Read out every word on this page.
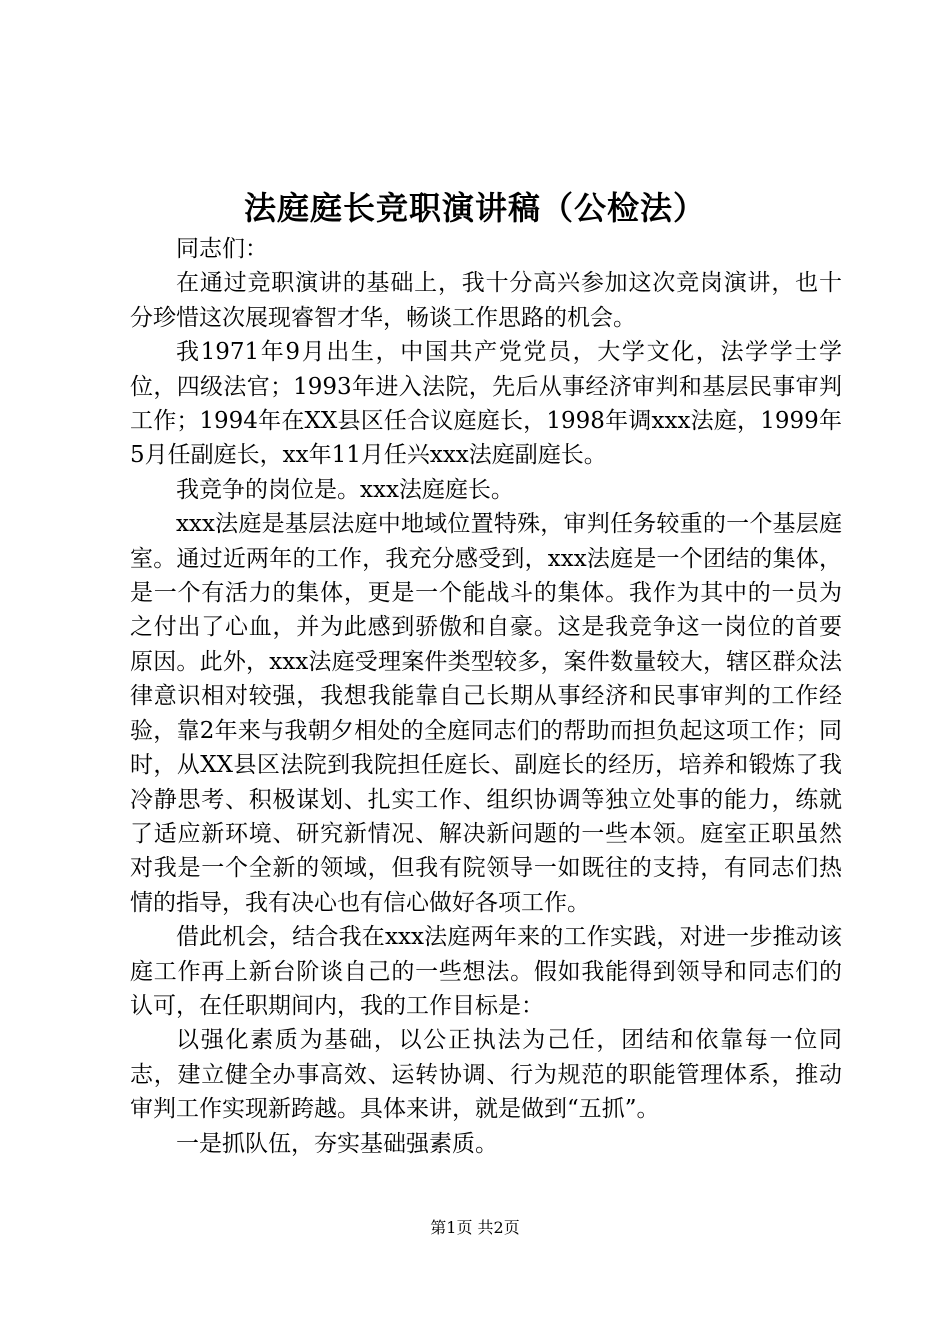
法庭庭长竞职演讲稿（公检法）

同志们：

在通过竞职演讲的基础上，我十分高兴参加这次竞岗演讲，也十分珍惜这次展现睿智才华，畅谈工作思路的机会。

我1971年9月出生，中国共产党党员，大学文化，法学学士学位，四级法官；1993年进入法院，先后从事经济审判和基层民事审判工作；1994年在XX县区任合议庭庭长，1998年调xxx法庭，1999年5月任副庭长，xx年11月任兴xxx法庭副庭长。

我竞争的岗位是。xxx法庭庭长。

xxx法庭是基层法庭中地域位置特殊，审判任务较重的一个基层庭室。通过近两年的工作，我充分感受到，xxx法庭是一个团结的集体，是一个有活力的集体，更是一个能战斗的集体。我作为其中的一员为之付出了心血，并为此感到骄傲和自豪。这是我竞争这一岗位的首要原因。此外，xxx法庭受理案件类型较多，案件数量较大，辖区群众法律意识相对较强，我想我能靠自己长期从事经济和民事审判的工作经验，靠2年来与我朝夕相处的全庭同志们的帮助而担负起这项工作；同时，从XX县区法院到我院担任庭长、副庭长的经历，培养和锻炼了我冷静思考、积极谋划、扎实工作、组织协调等独立处事的能力，练就了适应新环境、研究新情况、解决新问题的一些本领。庭室正职虽然对我是一个全新的领域，但我有院领导一如既往的支持，有同志们热情的指导，我有决心也有信心做好各项工作。

借此机会，结合我在xxx法庭两年来的工作实践，对进一步推动该庭工作再上新台阶谈自己的一些想法。假如我能得到领导和同志们的认可，在任职期间内，我的工作目标是：

以强化素质为基础，以公正执法为己任，团结和依靠每一位同志，建立健全办事高效、运转协调、行为规范的职能管理体系，推动审判工作实现新跨越。具体来讲，就是做到“五抓”。

一是抓队伍，夯实基础强素质。

第1页 共2页
